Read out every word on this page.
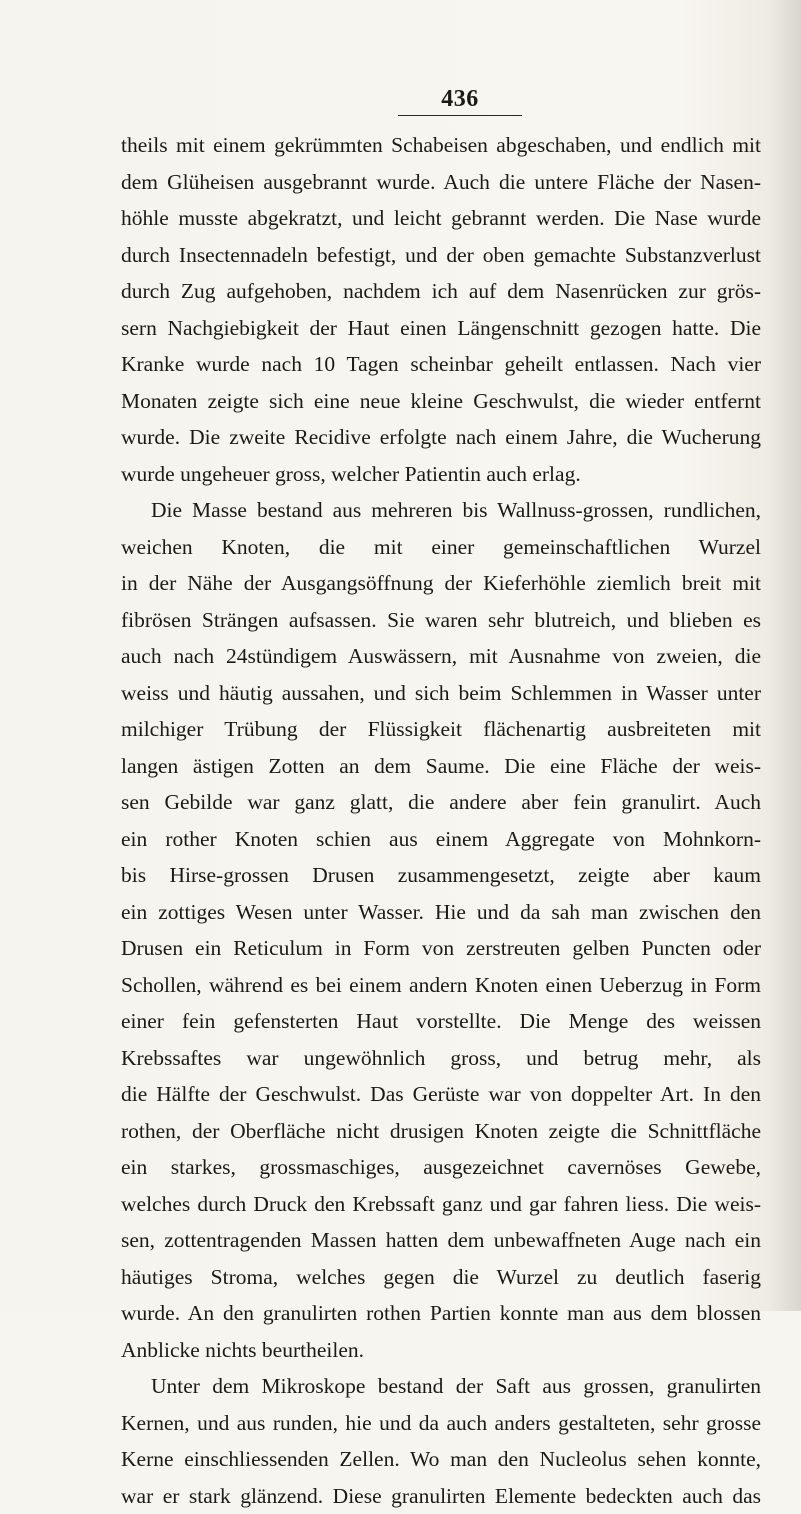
436
theils mit einem gekrümmten Schabeisen abgeschaben, und endlich mit
dem Glüheisen ausgebrannt wurde. Auch die untere Fläche der Nasen-
höhle musste abgekratzt, und leicht gebrannt werden. Die Nase wurde
durch Insectennadeln befestigt, und der oben gemachte Substanzverlust
durch Zug aufgehoben, nachdem ich auf dem Nasenrücken zur grös-
sern Nachgiebigkeit der Haut einen Längenschnitt gezogen hatte. Die
Kranke wurde nach 10 Tagen scheinbar geheilt entlassen. Nach vier
Monaten zeigte sich eine neue kleine Geschwulst, die wieder entfernt
wurde. Die zweite Recidive erfolgte nach einem Jahre, die Wucherung
wurde ungeheuer gross, welcher Patientin auch erlag.
Die Masse bestand aus mehreren bis Wallnuss-grossen, rundlichen,
weichen Knoten, die mit einer gemeinschaftlichen Wurzel
in der Nähe der Ausgangsöffnung der Kieferhöhle ziemlich breit mit
fibrösen Strängen aufsassen. Sie waren sehr blutreich, und blieben es
auch nach 24stündigem Auswässern, mit Ausnahme von zweien, die
weiss und häutig aussahen, und sich beim Schlemmen in Wasser unter
milchiger Trübung der Flüssigkeit flächenartig ausbreiteten mit
langen ästigen Zotten an dem Saume. Die eine Fläche der weis-
sen Gebilde war ganz glatt, die andere aber fein granulirt. Auch
ein rother Knoten schien aus einem Aggregate von Mohnkorn-
bis Hirse-grossen Drusen zusammengesetzt, zeigte aber kaum
ein zottiges Wesen unter Wasser. Hie und da sah man zwischen den
Drusen ein Reticulum in Form von zerstreuten gelben Puncten oder
Schollen, während es bei einem andern Knoten einen Ueberzug in Form
einer fein gefensterten Haut vorstellte. Die Menge des weissen
Krebssaftes war ungewöhnlich gross, und betrug mehr, als
die Hälfte der Geschwulst. Das Gerüste war von doppelter Art. In den
rothen, der Oberfläche nicht drusigen Knoten zeigte die Schnittfläche
ein starkes, grossmaschiges, ausgezeichnet cavernöses Gewebe,
welches durch Druck den Krebssaft ganz und gar fahren liess. Die weis-
sen, zottentragenden Massen hatten dem unbewaffneten Auge nach ein
häutiges Stroma, welches gegen die Wurzel zu deutlich faserig
wurde. An den granulirten rothen Partien konnte man aus dem blossen
Anblicke nichts beurtheilen.
Unter dem Mikroskope bestand der Saft aus grossen, granulirten
Kernen, und aus runden, hie und da auch anders gestalteten, sehr grosse
Kerne einschliessenden Zellen. Wo man den Nucleolus sehen konnte,
war er stark glänzend. Diese granulirten Elemente bedeckten auch das
